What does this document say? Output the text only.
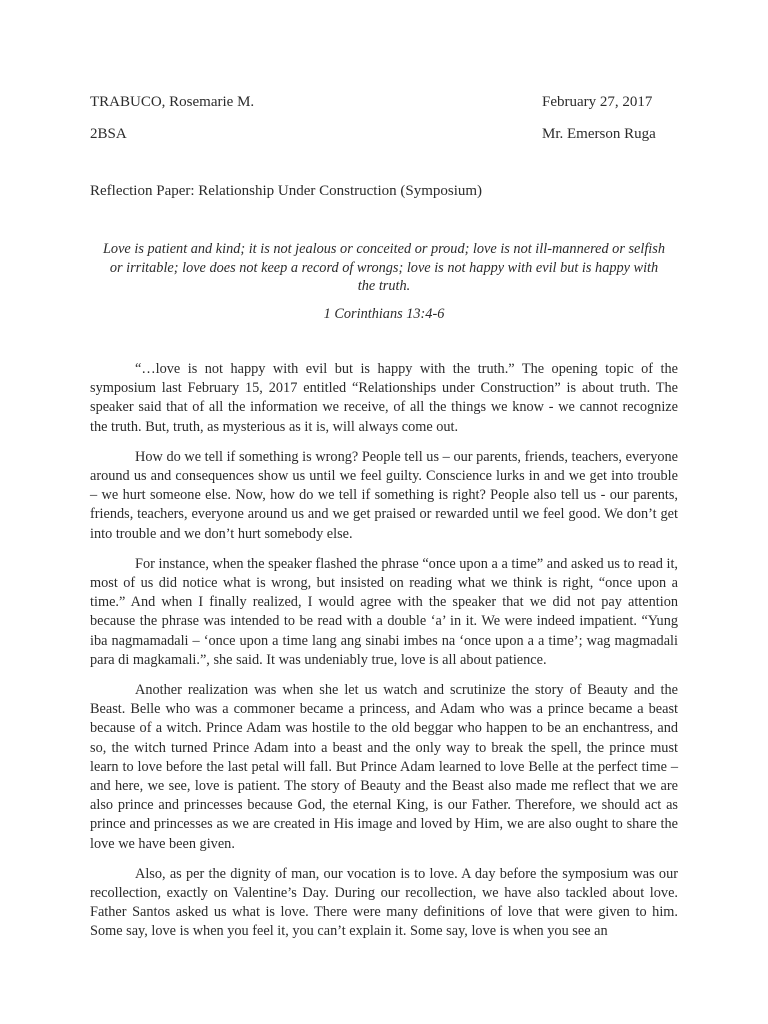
TRABUCO, Rosemarie M.	February 27, 2017
2BSA	Mr. Emerson Ruga
Reflection Paper: Relationship Under Construction (Symposium)
Love is patient and kind; it is not jealous or conceited or proud; love is not ill-mannered or selfish or irritable; love does not keep a record of wrongs; love is not happy with evil but is happy with the truth.
1 Corinthians 13:4-6

“…love is not happy with evil but is happy with the truth.” The opening topic of the symposium last February 15, 2017 entitled “Relationships under Construction” is about truth. The speaker said that of all the information we receive, of all the things we know - we cannot recognize the truth. But, truth, as mysterious as it is, will always come out.

How do we tell if something is wrong? People tell us – our parents, friends, teachers, everyone around us and consequences show us until we feel guilty. Conscience lurks in and we get into trouble – we hurt someone else. Now, how do we tell if something is right? People also tell us - our parents, friends, teachers, everyone around us and we get praised or rewarded until we feel good. We don’t get into trouble and we don’t hurt somebody else.

For instance, when the speaker flashed the phrase “once upon a a time” and asked us to read it, most of us did notice what is wrong, but insisted on reading what we think is right, “once upon a time.” And when I finally realized, I would agree with the speaker that we did not pay attention because the phrase was intended to be read with a double ‘a’ in it. We were indeed impatient. “Yung iba nagmamadali – ‘once upon a time lang ang sinabi imbes na ‘once upon a a time’; wag magmadali para di magkamali.”, she said. It was undeniably true, love is all about patience.

Another realization was when she let us watch and scrutinize the story of Beauty and the Beast. Belle who was a commoner became a princess, and Adam who was a prince became a beast because of a witch. Prince Adam was hostile to the old beggar who happen to be an enchantress, and so, the witch turned Prince Adam into a beast and the only way to break the spell, the prince must learn to love before the last petal will fall. But Prince Adam learned to love Belle at the perfect time – and here, we see, love is patient. The story of Beauty and the Beast also made me reflect that we are also prince and princesses because God, the eternal King, is our Father. Therefore, we should act as prince and princesses as we are created in His image and loved by Him, we are also ought to share the love we have been given.

Also, as per the dignity of man, our vocation is to love. A day before the symposium was our recollection, exactly on Valentine’s Day. During our recollection, we have also tackled about love. Father Santos asked us what is love. There were many definitions of love that were given to him. Some say, love is when you feel it, you can’t explain it. Some say, love is when you see an
